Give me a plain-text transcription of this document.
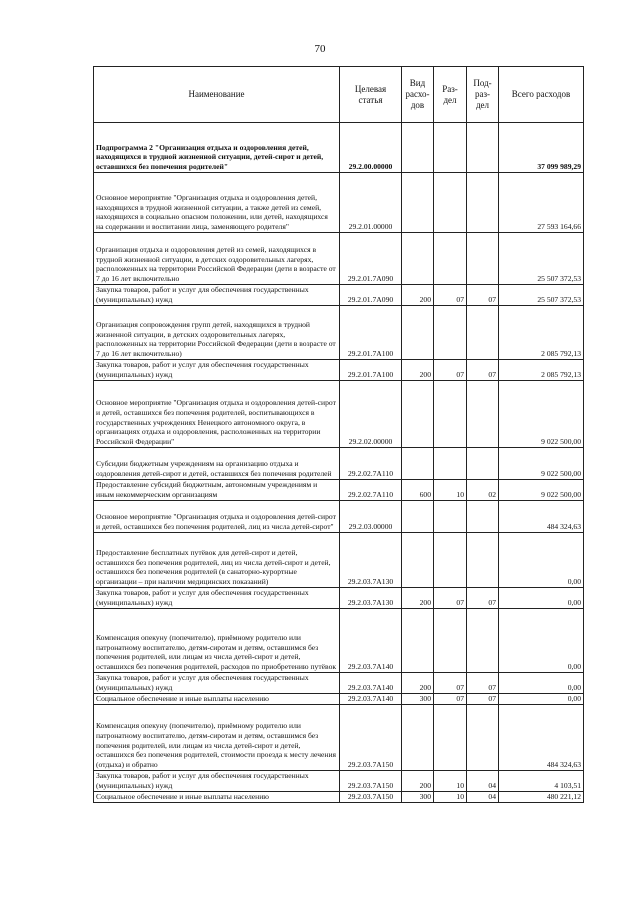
70
Наименование	Целевая статья	Вид расхо-дов	Раз-дел	Под-раз-дел	Всего расходов
Подпрограмма 2 "Организация отдыха и оздоровления детей, находящихся в трудной жизненной ситуации, детей-сирот и детей, оставшихся без попечения родителей"	29.2.00.00000				37 099 989,29
Основное мероприятие "Организация отдыха и оздоровления детей, находящихся в трудной жизненной ситуации, а также детей из семей, находящихся в социально опасном положении, или детей, находящихся на содержании и воспитании лица, заменяющего родителя"	29.2.01.00000				27 593 164,66
Организация отдыха и оздоровления детей из семей, находящихся в трудной жизненной ситуации, в детских оздоровительных лагерях, расположенных на территории Российской Федерации (дети в возрасте от 7 до 16 лет включительно	29.2.01.7А090				25 507 372,53
Закупка товаров, работ и услуг для обеспечения государственных (муниципальных) нужд	29.2.01.7А090	200	07	07	25 507 372,53
Организация сопровождения групп детей, находящихся в трудной жизненной ситуации, в детских оздоровительных лагерях, расположенных на территории Российской Федерации (дети в возрасте от 7 до 16 лет включительно)	29.2.01.7А100				2 085 792,13
Закупка товаров, работ и услуг для обеспечения государственных (муниципальных) нужд	29.2.01.7А100	200	07	07	2 085 792,13
Основное мероприятие "Организация отдыха и оздоровления детей-сирот и детей, оставшихся без попечения родителей, воспитывающихся в государственных учреждениях Ненецкого автономного округа, в организациях отдыха и оздоровления, расположенных на территории Российской Федерации"	29.2.02.00000				9 022 500,00
Субсидии бюджетным учреждениям на организацию отдыха и оздоровления детей-сирот и детей, оставшихся без попечения родителей	29.2.02.7А110				9 022 500,00
Предоставление субсидий бюджетным, автономным учреждениям и иным некоммерческим организациям	29.2.02.7А110	600	10	02	9 022 500,00
Основное мероприятие "Организация отдыха и оздоровления детей-сирот и детей, оставшихся без попечения родителей, лиц из числа детей-сирот"	29.2.03.00000				484 324,63
Предоставление бесплатных путёвок для детей-сирот и детей, оставшихся без попечения родителей, лиц из числа детей-сирот и детей, оставшихся без попечения родителей (в санаторно-курортные организации – при наличии медицинских показаний)	29.2.03.7А130				0,00
Закупка товаров, работ и услуг для обеспечения государственных (муниципальных) нужд	29.2.03.7А130	200	07	07	0,00
Компенсация опекуну (попечителю), приёмному родителю или патронатному воспитателю, детям-сиротам и детям, оставшимся без попечения родителей, или лицам из числа детей-сирот и детей, оставшихся без попечения родителей, расходов по приобретению путёвок	29.2.03.7А140				0,00
Закупка товаров, работ и услуг для обеспечения государственных (муниципальных) нужд	29.2.03.7А140	200	07	07	0,00
Социальное обеспечение и иные выплаты населению	29.2.03.7А140	300	07	07	0,00
Компенсация опекуну (попечителю), приёмному родителю или патронатному воспитателю, детям-сиротам и детям, оставшимся без попечения родителей, или лицам из числа детей-сирот и детей, оставшихся без попечения родителей, стоимости проезда к месту лечения (отдыха) и обратно	29.2.03.7А150				484 324,63
Закупка товаров, работ и услуг для обеспечения государственных (муниципальных) нужд	29.2.03.7А150	200	10	04	4 103,51
Социальное обеспечение и иные выплаты населению	29.2.03.7А150	300	10	04	480 221,12
